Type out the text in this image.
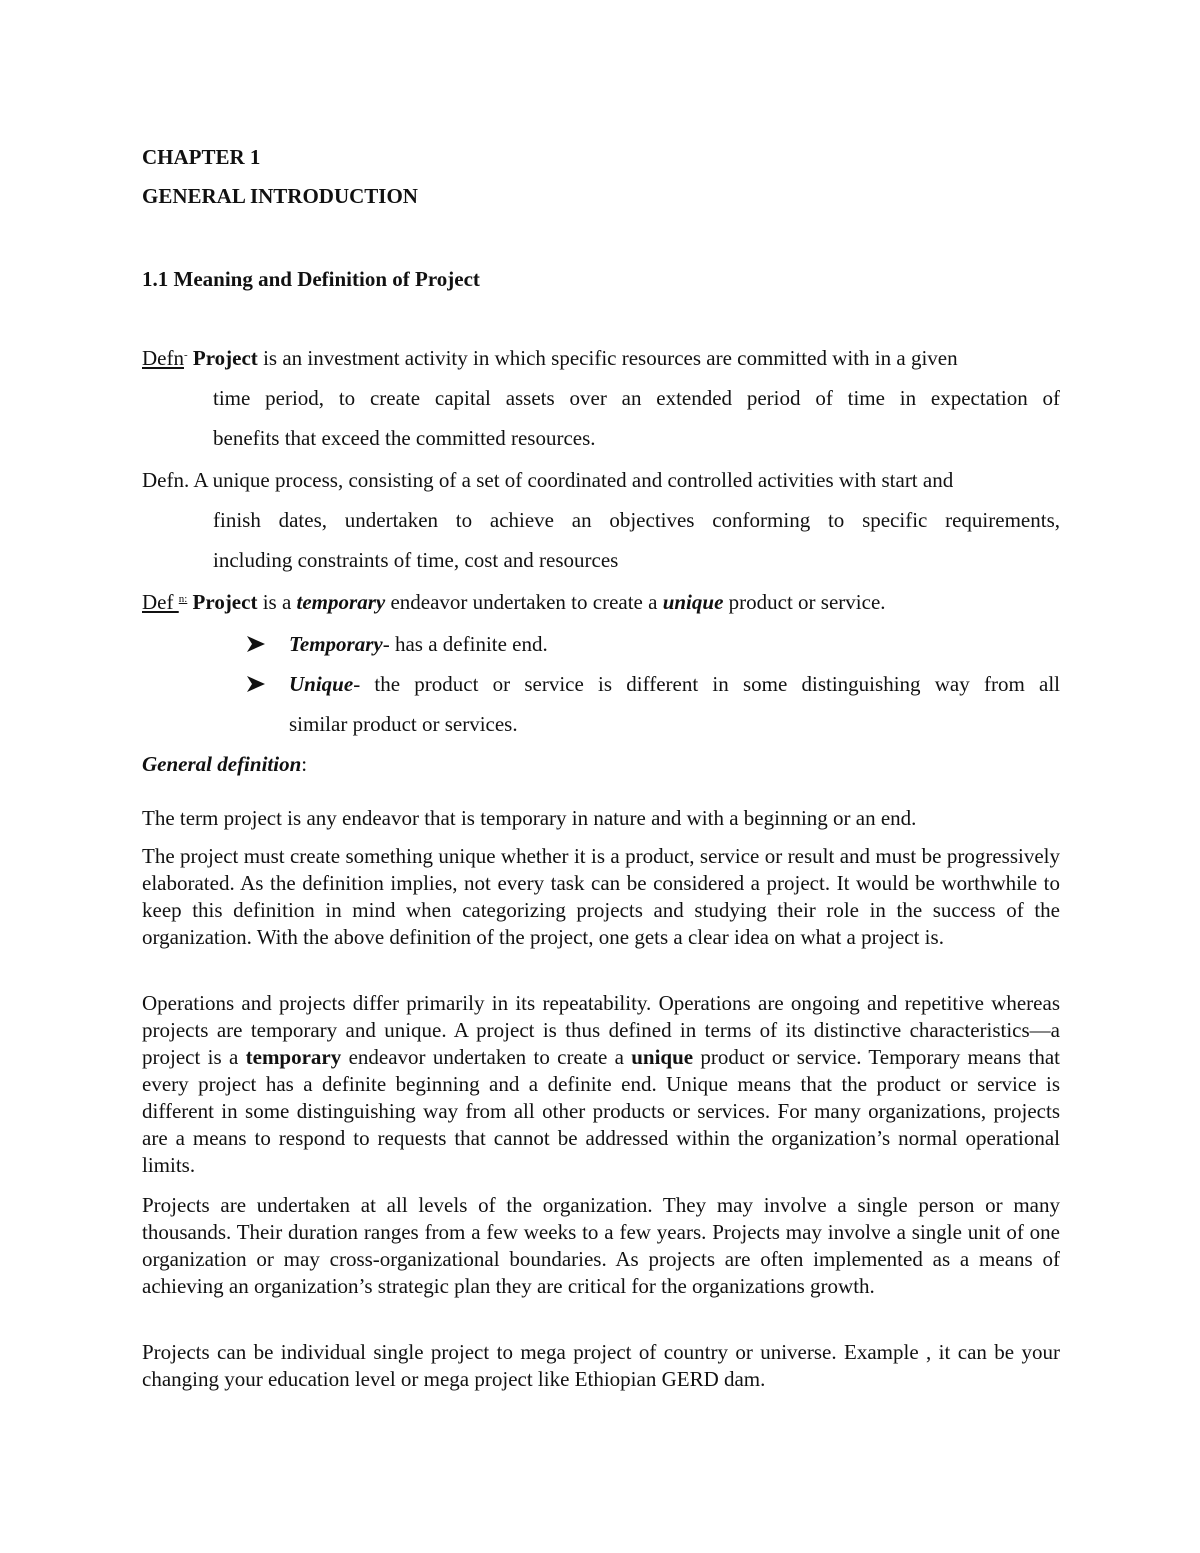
CHAPTER 1
GENERAL INTRODUCTION
1.1 Meaning and Definition of Project
Defn- Project is an investment activity in which specific resources are committed with in a given
time period, to create capital assets over an extended period of time in expectation of
benefits that exceed the committed resources.
Defn. A unique process, consisting of a set of coordinated and controlled activities with start and
finish dates, undertaken to achieve an objectives conforming to specific requirements,
including constraints of time, cost and resources
Def $^{n:}$ Project is a temporary endeavor undertaken to create a unique product or service.
Temporary- has a definite end.
Unique- the product or service is different in some distinguishing way from all
similar product or services.
General definition:
The term project is any endeavor that is temporary in nature and with a beginning or an end.
The project must create something unique whether it is a product, service or result and must be progressively elaborated. As the definition implies, not every task can be considered a project. It would be worthwhile to keep this definition in mind when categorizing projects and studying their role in the success of the organization. With the above definition of the project, one gets a clear idea on what a project is.
Operations and projects differ primarily in its repeatability. Operations are ongoing and repetitive whereas projects are temporary and unique. A project is thus defined in terms of its distinctive characteristics—a project is a temporary endeavor undertaken to create a unique product or service. Temporary means that every project has a definite beginning and a definite end. Unique means that the product or service is different in some distinguishing way from all other products or services. For many organizations, projects are a means to respond to requests that cannot be addressed within the organization’s normal operational limits.
Projects are undertaken at all levels of the organization. They may involve a single person or many thousands. Their duration ranges from a few weeks to a few years. Projects may involve a single unit of one organization or may cross-organizational boundaries. As projects are often implemented as a means of achieving an organization’s strategic plan they are critical for the organizations growth.
Projects can be individual single project to mega project of country or universe. Example , it can be your changing your education level or mega project like Ethiopian GERD dam.
